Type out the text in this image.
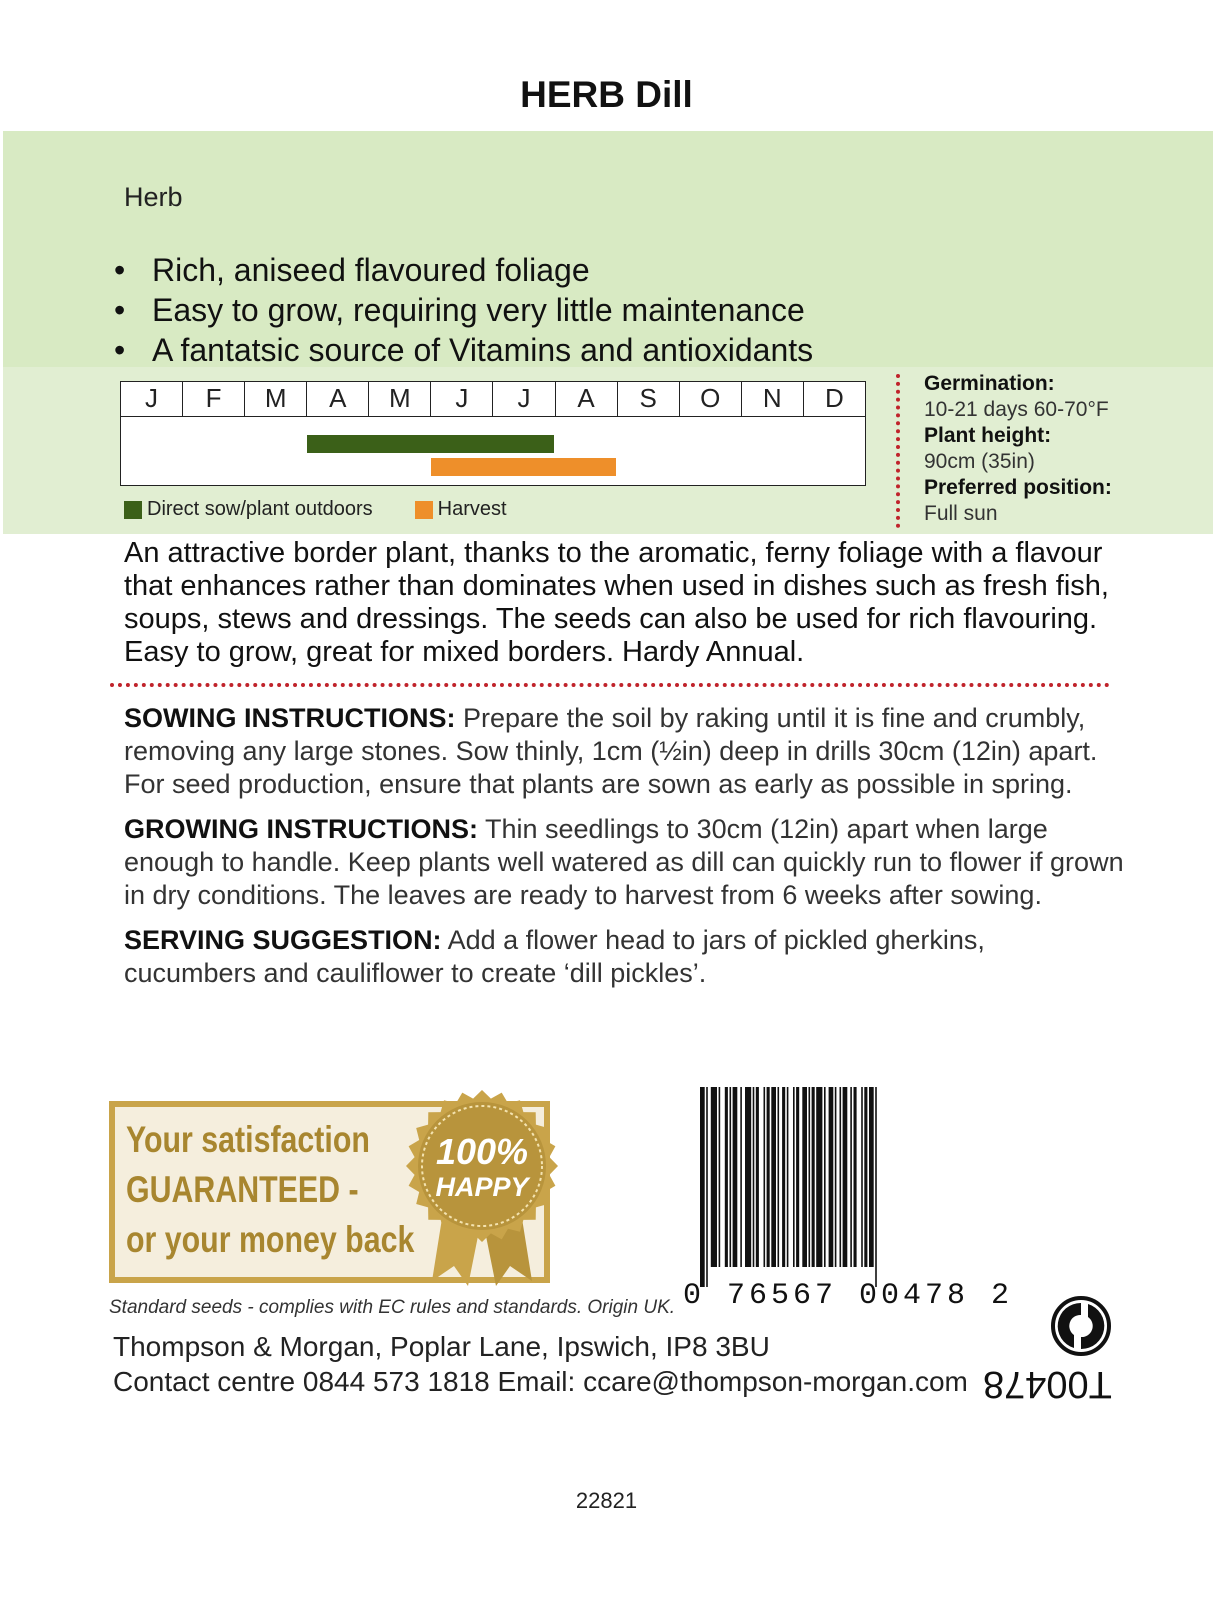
HERB Dill
Herb
• Rich, aniseed flavoured foliage
• Easy to grow, requiring very little maintenance
• A fantatsic source of Vitamins and antioxidants
J	F	M	A	M	J	J	A	S	O	N	D
Direct sow/plant outdoors	Harvest
Germination:
10-21 days 60-70°F
Plant height:
90cm (35in)
Preferred position:
Full sun
An attractive border plant, thanks to the aromatic, ferny foliage with a flavour that enhances rather than dominates when used in dishes such as fresh fish, soups, stews and dressings. The seeds can also be used for rich flavouring. Easy to grow, great for mixed borders. Hardy Annual.
SOWING INSTRUCTIONS: Prepare the soil by raking until it is fine and crumbly, removing any large stones. Sow thinly, 1cm (½in) deep in drills 30cm (12in) apart. For seed production, ensure that plants are sown as early as possible in spring.
GROWING INSTRUCTIONS: Thin seedlings to 30cm (12in) apart when large enough to handle. Keep plants well watered as dill can quickly run to flower if grown in dry conditions. The leaves are ready to harvest from 6 weeks after sowing.
SERVING SUGGESTION: Add a flower head to jars of pickled gherkins, cucumbers and cauliflower to create ‘dill pickles’.
Your satisfaction
GUARANTEED -
or your money back
100%
HAPPY
0 76567 00478 2
Standard seeds - complies with EC rules and standards. Origin UK.
Thompson & Morgan, Poplar Lane, Ipswich, IP8 3BU
Contact centre 0844 573 1818 Email: ccare@thompson-morgan.com T00478
22821
